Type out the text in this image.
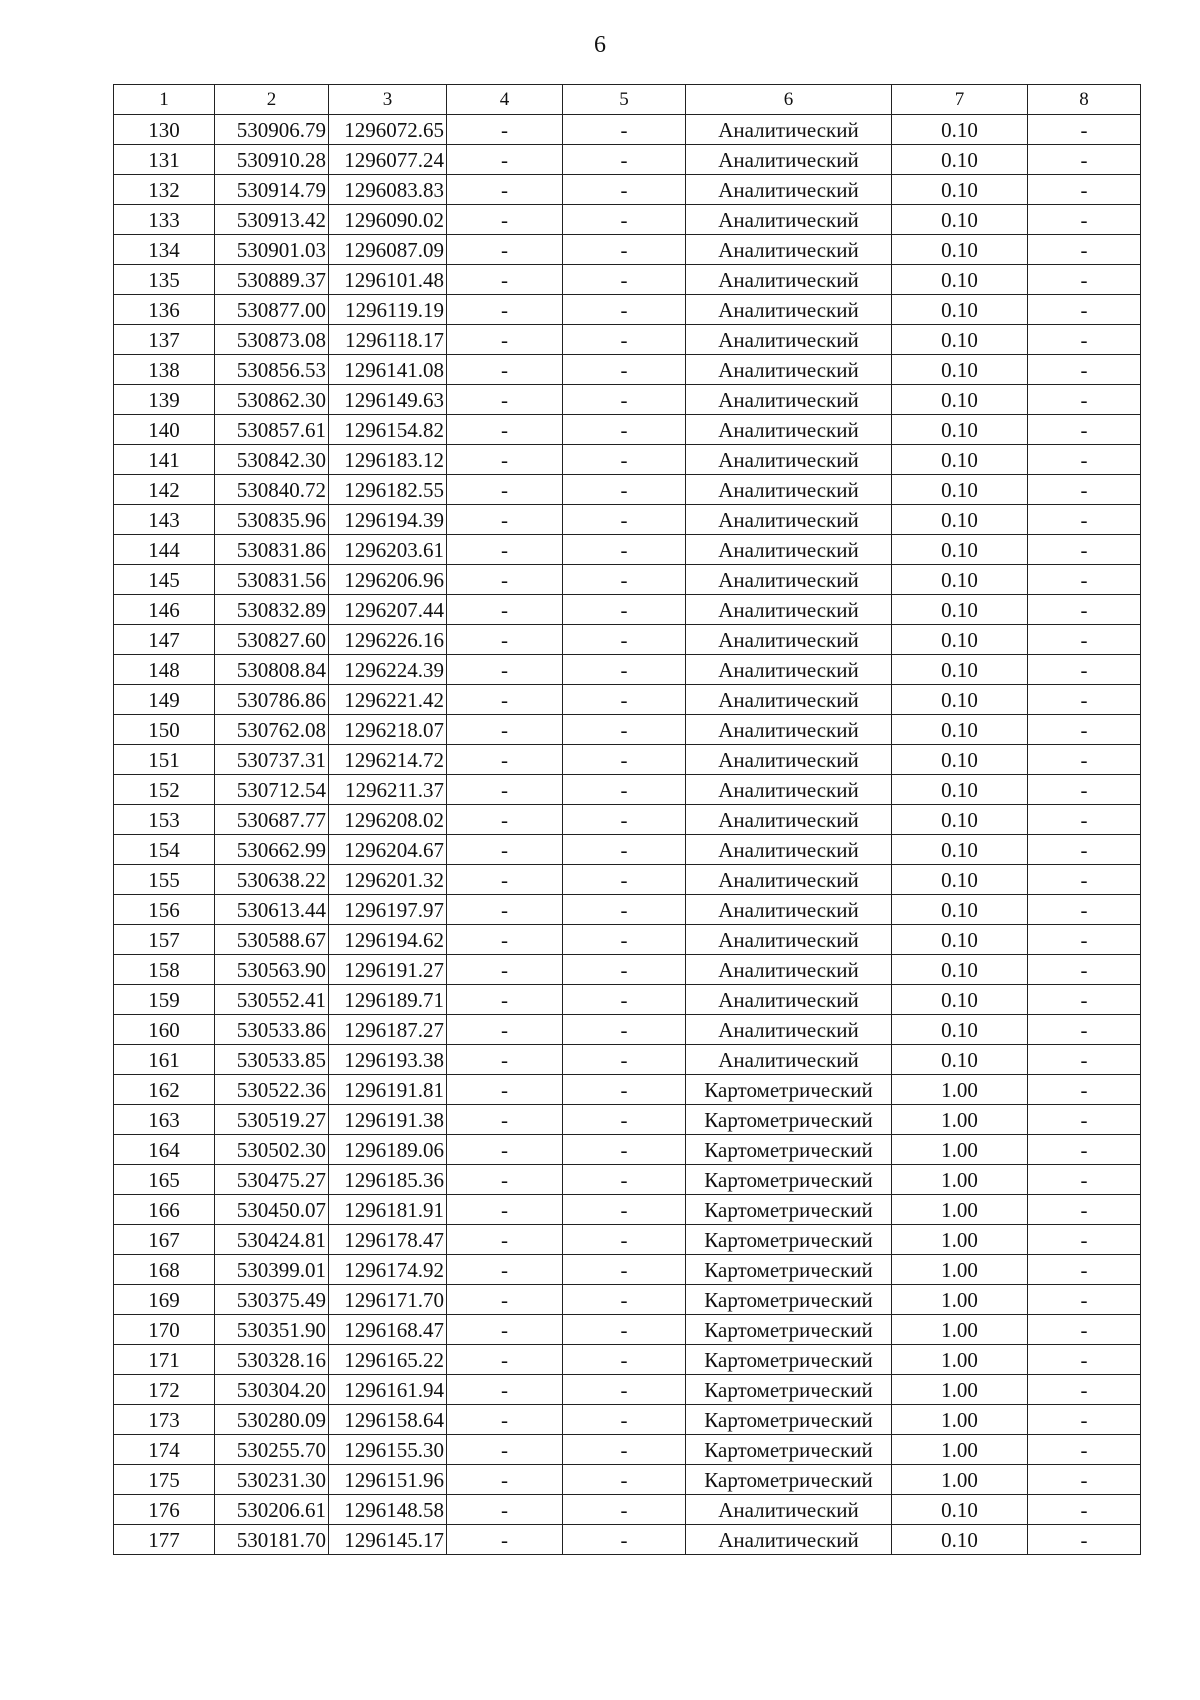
6
1	2	3	4	5	6	7	8
130	530906.79	1296072.65	-	-	Аналитический	0.10	-
131	530910.28	1296077.24	-	-	Аналитический	0.10	-
132	530914.79	1296083.83	-	-	Аналитический	0.10	-
133	530913.42	1296090.02	-	-	Аналитический	0.10	-
134	530901.03	1296087.09	-	-	Аналитический	0.10	-
135	530889.37	1296101.48	-	-	Аналитический	0.10	-
136	530877.00	1296119.19	-	-	Аналитический	0.10	-
137	530873.08	1296118.17	-	-	Аналитический	0.10	-
138	530856.53	1296141.08	-	-	Аналитический	0.10	-
139	530862.30	1296149.63	-	-	Аналитический	0.10	-
140	530857.61	1296154.82	-	-	Аналитический	0.10	-
141	530842.30	1296183.12	-	-	Аналитический	0.10	-
142	530840.72	1296182.55	-	-	Аналитический	0.10	-
143	530835.96	1296194.39	-	-	Аналитический	0.10	-
144	530831.86	1296203.61	-	-	Аналитический	0.10	-
145	530831.56	1296206.96	-	-	Аналитический	0.10	-
146	530832.89	1296207.44	-	-	Аналитический	0.10	-
147	530827.60	1296226.16	-	-	Аналитический	0.10	-
148	530808.84	1296224.39	-	-	Аналитический	0.10	-
149	530786.86	1296221.42	-	-	Аналитический	0.10	-
150	530762.08	1296218.07	-	-	Аналитический	0.10	-
151	530737.31	1296214.72	-	-	Аналитический	0.10	-
152	530712.54	1296211.37	-	-	Аналитический	0.10	-
153	530687.77	1296208.02	-	-	Аналитический	0.10	-
154	530662.99	1296204.67	-	-	Аналитический	0.10	-
155	530638.22	1296201.32	-	-	Аналитический	0.10	-
156	530613.44	1296197.97	-	-	Аналитический	0.10	-
157	530588.67	1296194.62	-	-	Аналитический	0.10	-
158	530563.90	1296191.27	-	-	Аналитический	0.10	-
159	530552.41	1296189.71	-	-	Аналитический	0.10	-
160	530533.86	1296187.27	-	-	Аналитический	0.10	-
161	530533.85	1296193.38	-	-	Аналитический	0.10	-
162	530522.36	1296191.81	-	-	Картометрический	1.00	-
163	530519.27	1296191.38	-	-	Картометрический	1.00	-
164	530502.30	1296189.06	-	-	Картометрический	1.00	-
165	530475.27	1296185.36	-	-	Картометрический	1.00	-
166	530450.07	1296181.91	-	-	Картометрический	1.00	-
167	530424.81	1296178.47	-	-	Картометрический	1.00	-
168	530399.01	1296174.92	-	-	Картометрический	1.00	-
169	530375.49	1296171.70	-	-	Картометрический	1.00	-
170	530351.90	1296168.47	-	-	Картометрический	1.00	-
171	530328.16	1296165.22	-	-	Картометрический	1.00	-
172	530304.20	1296161.94	-	-	Картометрический	1.00	-
173	530280.09	1296158.64	-	-	Картометрический	1.00	-
174	530255.70	1296155.30	-	-	Картометрический	1.00	-
175	530231.30	1296151.96	-	-	Картометрический	1.00	-
176	530206.61	1296148.58	-	-	Аналитический	0.10	-
177	530181.70	1296145.17	-	-	Аналитический	0.10	-
